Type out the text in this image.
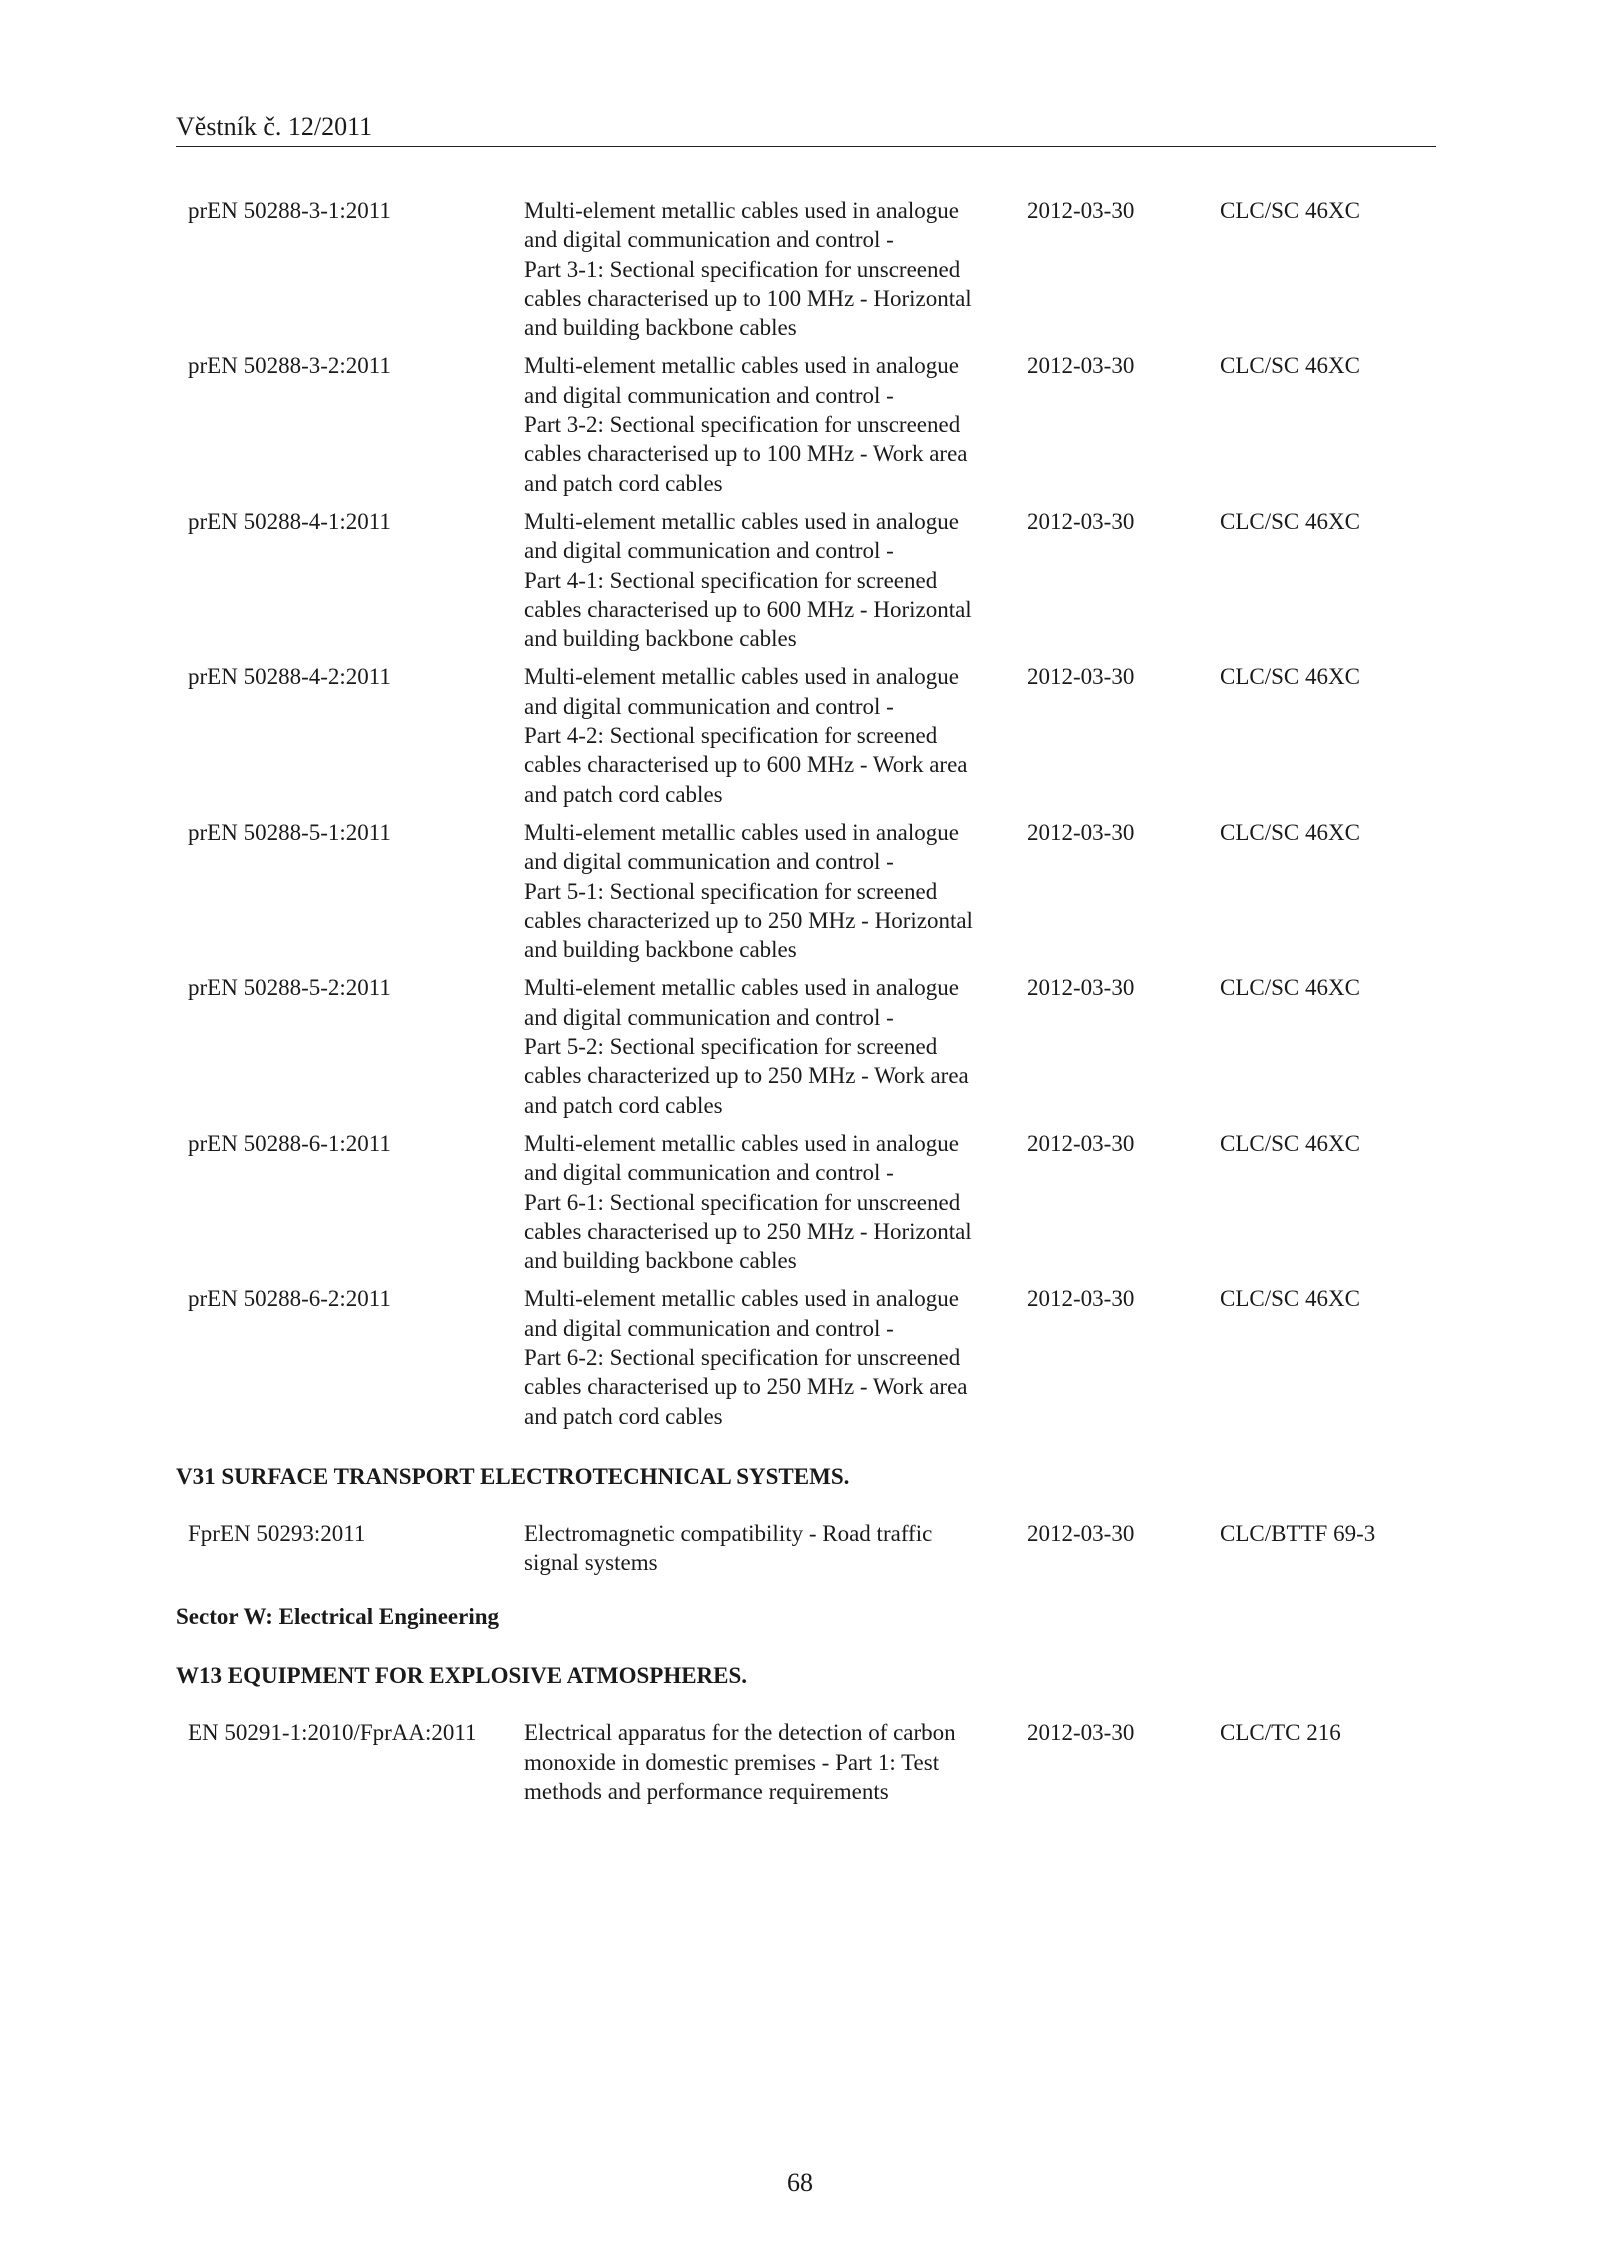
Věstník č. 12/2011
prEN 50288-3-1:2011	Multi-element metallic cables used in analogue
and digital communication and control -
Part 3-1: Sectional specification for unscreened
cables characterised up to 100 MHz - Horizontal
and building backbone cables
2012-03-30	CLC/SC 46XC
prEN 50288-3-2:2011	Multi-element metallic cables used in analogue
and digital communication and control -
Part 3-2: Sectional specification for unscreened
cables characterised up to 100 MHz - Work area
and patch cord cables
2012-03-30	CLC/SC 46XC
prEN 50288-4-1:2011	Multi-element metallic cables used in analogue
and digital communication and control -
Part 4-1: Sectional specification for screened
cables characterised up to 600 MHz - Horizontal
and building backbone cables
2012-03-30	CLC/SC 46XC
prEN 50288-4-2:2011	Multi-element metallic cables used in analogue
and digital communication and control -
Part 4-2: Sectional specification for screened
cables characterised up to 600 MHz - Work area
and patch cord cables
2012-03-30	CLC/SC 46XC
prEN 50288-5-1:2011	Multi-element metallic cables used in analogue
and digital communication and control -
Part 5-1: Sectional specification for screened
cables characterized up to 250 MHz - Horizontal
and building backbone cables
2012-03-30	CLC/SC 46XC
prEN 50288-5-2:2011	Multi-element metallic cables used in analogue
and digital communication and control -
Part 5-2: Sectional specification for screened
cables characterized up to 250 MHz - Work area
and patch cord cables
2012-03-30	CLC/SC 46XC
prEN 50288-6-1:2011	Multi-element metallic cables used in analogue
and digital communication and control -
Part 6-1: Sectional specification for unscreened
cables characterised up to 250 MHz - Horizontal
and building backbone cables
2012-03-30	CLC/SC 46XC
prEN 50288-6-2:2011	Multi-element metallic cables used in analogue
and digital communication and control -
Part 6-2: Sectional specification for unscreened
cables characterised up to 250 MHz - Work area
and patch cord cables
2012-03-30	CLC/SC 46XC
V31 SURFACE TRANSPORT ELECTROTECHNICAL SYSTEMS.
FprEN 50293:2011	Electromagnetic compatibility - Road traffic
signal systems
2012-03-30	CLC/BTTF 69-3
Sector W: Electrical Engineering
W13 EQUIPMENT FOR EXPLOSIVE ATMOSPHERES.
EN 50291-1:2010/FprAA:2011	Electrical apparatus for the detection of carbon
monoxide in domestic premises - Part 1: Test
methods and performance requirements
2012-03-30	CLC/TC 216
68
